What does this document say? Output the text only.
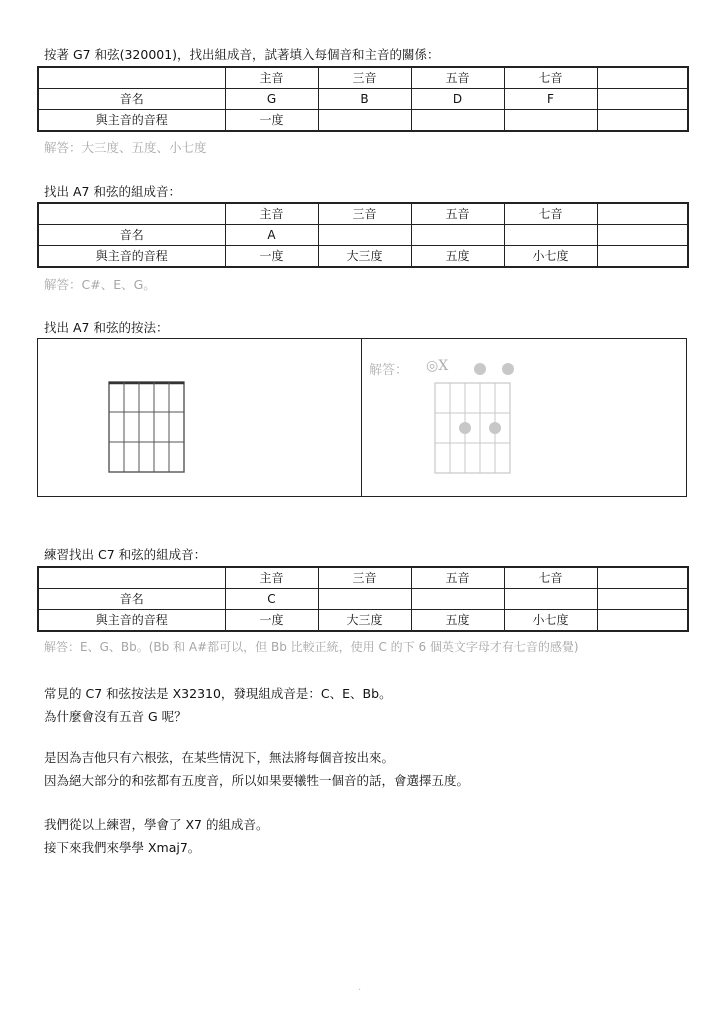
按著 G7 和弦(320001)，找出組成音，試著填入每個音和主音的關係：
	主音	三音	五音	七音	
音名	G	B	D	F	
與主音的音程	一度				
解答：大三度、五度、小七度
找出 A7 和弦的組成音：
	主音	三音	五音	七音	
音名	A				
與主音的音程	一度	大三度	五度	小七度	
解答：C#、E、G。
找出 A7 和弦的按法：
解答： ◎X
練習找出 C7 和弦的組成音：
	主音	三音	五音	七音	
音名	C				
與主音的音程	一度	大三度	五度	小七度	
解答：E、G、Bb。(Bb 和 A#都可以，但 Bb 比較正統，使用 C 的下 6 個英文字母才有七音的感覺)
常見的 C7 和弦按法是 X32310，發現組成音是：C、E、Bb。
為什麼會沒有五音 G 呢？
是因為吉他只有六根弦，在某些情況下，無法將每個音按出來。
因為絕大部分的和弦都有五度音，所以如果要犧牲一個音的話，會選擇五度。
我們從以上練習，學會了 X7 的組成音。
接下來我們來學學 Xmaj7。
.
